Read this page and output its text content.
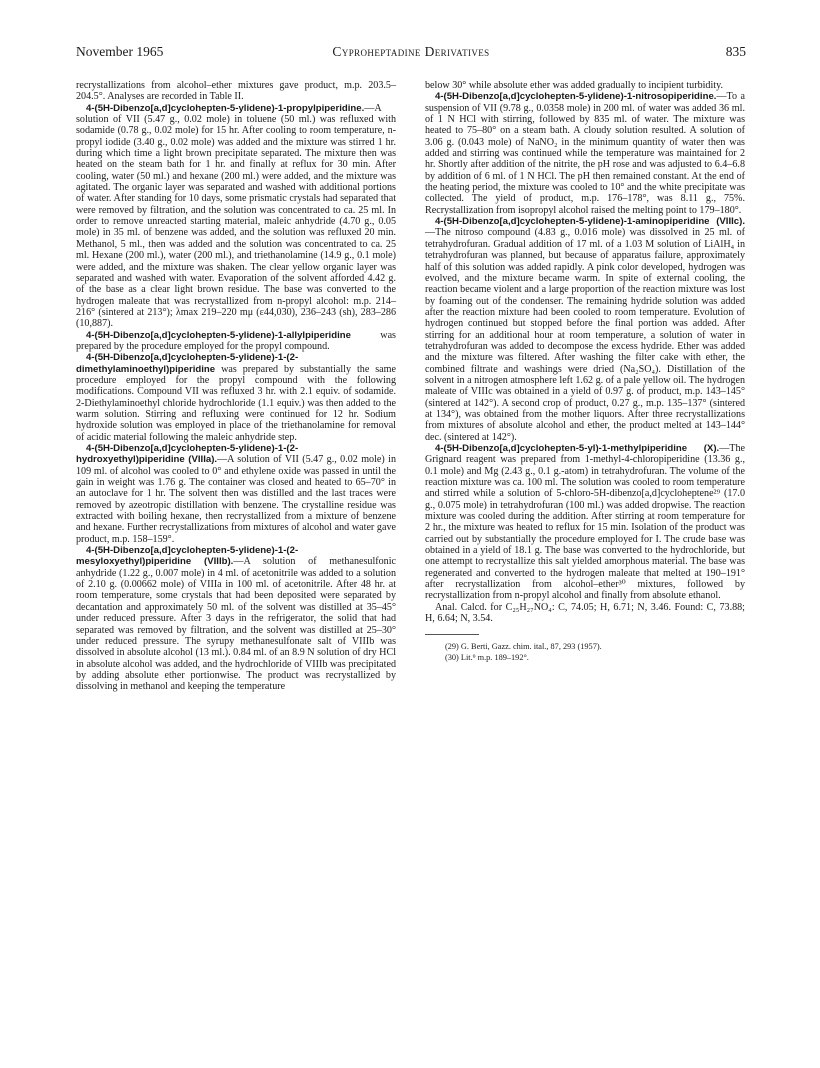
November 1965	Cyproheptadine Derivatives	835

recrystallizations from alcohol–ether mixtures gave product, m.p. 203.5–204.5°. Analyses are recorded in Table II.

4-(5H-Dibenzo[a,d]cyclohepten-5-ylidene)-1-propylpiperidine.—A solution of VII (5.47 g., 0.02 mole) in toluene (50 ml.) was refluxed with sodamide (0.78 g., 0.02 mole) for 15 hr. After cooling to room temperature, n-propyl iodide (3.40 g., 0.02 mole) was added and the mixture was stirred 1 hr. during which time a light brown precipitate separated. The mixture then was heated on the steam bath for 1 hr. and finally at reflux for 30 min. After cooling, water (50 ml.) and hexane (200 ml.) were added, and the mixture was agitated. The organic layer was separated and washed with additional portions of water. After standing for 10 days, some prismatic crystals had separated that were removed by filtration, and the solution was concentrated to ca. 25 ml. In order to remove unreacted starting material, maleic anhydride (4.70 g., 0.05 mole) in 35 ml. of benzene was added, and the solution was refluxed 20 min. Methanol, 5 ml., then was added and the solution was concentrated to ca. 25 ml. Hexane (200 ml.), water (200 ml.), and triethanolamine (14.9 g., 0.1 mole) were added, and the mixture was shaken. The clear yellow organic layer was separated and washed with water. Evaporation of the solvent afforded 4.42 g. of the base as a clear light brown residue. The base was converted to the hydrogen maleate that was recrystallized from n-propyl alcohol: m.p. 214–216° (sintered at 213°); λmax 219–220 mμ (ε44,030), 236–243 (sh), 283–286 (10,887).

4-(5H-Dibenzo[a,d]cyclohepten-5-ylidene)-1-allylpiperidine was prepared by the procedure employed for the propyl compound.

4-(5H-Dibenzo[a,d]cyclohepten-5-ylidene)-1-(2-dimethylaminoethyl)piperidine was prepared by substantially the same procedure employed for the propyl compound with the following modifications. Compound VII was refluxed 3 hr. with 2.1 equiv. of sodamide. 2-Diethylaminoethyl chloride hydrochloride (1.1 equiv.) was then added to the warm solution. Stirring and refluxing were continued for 12 hr. Sodium hydroxide solution was employed in place of the triethanolamine for removal of acidic material following the maleic anhydride step.

4-(5H-Dibenzo[a,d]cyclohepten-5-ylidene)-1-(2-hydroxyethyl)piperidine (VIIIa).—A solution of VII (5.47 g., 0.02 mole) in 109 ml. of alcohol was cooled to 0° and ethylene oxide was passed in until the gain in weight was 1.76 g. The container was closed and heated to 65–70° in an autoclave for 1 hr. The solvent then was distilled and the last traces were removed by azeotropic distillation with benzene. The crystalline residue was extracted with boiling hexane, then recrystallized from a mixture of benzene and hexane. Further recrystallizations from mixtures of alcohol and water gave product, m.p. 158–159°.

4-(5H-Dibenzo[a,d]cyclohepten-5-ylidene)-1-(2-mesyloxyethyl)piperidine (VIIIb).—A solution of methanesulfonic anhydride (1.22 g., 0.007 mole) in 4 ml. of acetonitrile was added to a solution of 2.10 g. (0.00662 mole) of VIIIa in 100 ml. of acetonitrile. After 48 hr. at room temperature, some crystals that had been deposited were separated by decantation and approximately 50 ml. of the solvent was distilled at 35–45° under reduced pressure. After 3 days in the refrigerator, the solid that had separated was removed by filtration, and the solvent was distilled at 25–30° under reduced pressure. The syrupy methanesulfonate salt of VIIIb was dissolved in absolute alcohol (13 ml.). 0.84 ml. of an 8.9 N solution of dry HCl in absolute alcohol was added, and the hydrochloride of VIIIb was precipitated by adding absolute ether portionwise. The product was recrystallized by dissolving in methanol and keeping the temperature

below 30° while absolute ether was added gradually to incipient turbidity.

4-(5H-Dibenzo[a,d]cyclohepten-5-ylidene)-1-nitrosopiperidine.—To a suspension of VII (9.78 g., 0.0358 mole) in 200 ml. of water was added 36 ml. of 1 N HCl with stirring, followed by 835 ml. of water. The mixture was heated to 75–80° on a steam bath. A cloudy solution resulted. A solution of 3.06 g. (0.043 mole) of NaNO₂ in the minimum quantity of water then was added and stirring was continued while the temperature was maintained for 2 hr. Shortly after addition of the nitrite, the pH rose and was adjusted to 6.4–6.8 by addition of 6 ml. of 1 N HCl. The pH then remained constant. At the end of the heating period, the mixture was cooled to 10° and the white precipitate was collected. The yield of product, m.p. 176–178°, was 8.11 g., 75%. Recrystallization from isopropyl alcohol raised the melting point to 179–180°.

4-(5H-Dibenzo[a,d]cyclohepten-5-ylidene)-1-aminopiperidine (VIIIc).—The nitroso compound (4.83 g., 0.016 mole) was dissolved in 25 ml. of tetrahydrofuran. Gradual addition of 17 ml. of a 1.03 M solution of LiAlH₄ in tetrahydrofuran was planned, but because of apparatus failure, approximately half of this solution was added rapidly. A pink color developed, hydrogen was evolved, and the mixture became warm. In spite of external cooling, the reaction became violent and a large proportion of the reaction mixture was lost by foaming out of the condenser. The remaining hydride solution was added after the reaction mixture had been cooled to room temperature. Evolution of hydrogen continued but stopped before the final portion was added. After stirring for an additional hour at room temperature, a solution of water in tetrahydrofuran was added to decompose the excess hydride. Ether was added and the mixture was filtered. After washing the filter cake with ether, the combined filtrate and washings were dried (Na₂SO₄). Distillation of the solvent in a nitrogen atmosphere left 1.62 g. of a pale yellow oil. The hydrogen maleate of VIIIc was obtained in a yield of 0.97 g. of product, m.p. 143–145° (sintered at 142°). A second crop of product, 0.27 g., m.p. 135–137° (sintered at 134°), was obtained from the mother liquors. After three recrystallizations from mixtures of absolute alcohol and ether, the product melted at 143–144° dec. (sintered at 142°).

4-(5H-Dibenzo[a,d]cyclohepten-5-yl)-1-methylpiperidine (X).—The Grignard reagent was prepared from 1-methyl-4-chloropiperidine (13.36 g., 0.1 mole) and Mg (2.43 g., 0.1 g.-atom) in tetrahydrofuran. The volume of the reaction mixture was ca. 100 ml. The solution was cooled to room temperature and stirred while a solution of 5-chloro-5H-dibenzo[a,d]cycloheptene²⁹ (17.0 g., 0.075 mole) in tetrahydrofuran (100 ml.) was added dropwise. The reaction mixture was cooled during the addition. After stirring at room temperature for 2 hr., the mixture was heated to reflux for 15 min. Isolation of the product was carried out by substantially the procedure employed for I. The crude base was obtained in a yield of 18.1 g. The base was converted to the hydrochloride, but one attempt to recrystallize this salt yielded amorphous material. The base was regenerated and converted to the hydrogen maleate that melted at 190–191° after recrystallization from alcohol–ether³⁰ mixtures, followed by recrystallization from n-propyl alcohol and finally from absolute ethanol.

Anal. Calcd. for C₂₅H₂₇NO₄: C, 74.05; H, 6.71; N, 3.46. Found: C, 73.88; H, 6.64; N, 3.54.

(29) G. Berti, Gazz. chim. ital., 87, 293 (1957).

(30) Lit.⁹ m.p. 189–192°.
